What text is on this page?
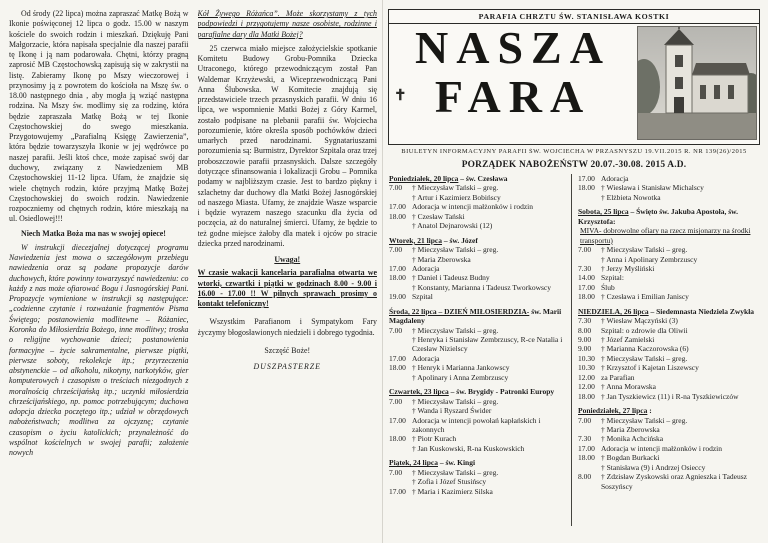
Od środy (22 lipca) można zapraszać Matkę Bożą w Ikonie poświęconej 12 lipca o godz. 15.00 w naszym kościele do swoich rodzin i mieszkań. Dziękuję Pani Małgorzacie, która napisała specjalnie dla naszej parafii tę Ikonę i ją nam podarowała. Chętni, którzy pragną zaprosić MB Częstochowską zapisują się w zakrystii na listę. Zabieramy Ikonę po Mszy wieczorowej i przynosimy ją z powrotem do kościoła na Mszę św. o 18.00 następnego dnia , aby mogła ją wziąć następna rodzina. Na Mszy św. modlimy się za rodzinę, która będzie zapraszała Matkę Bożą w tej Ikonie Częstochowskiej do swego mieszkania. Przygotowujemy „Parafialną Księgę Zawierzenia”, która będzie towarzyszyła Ikonie w jej wędrówce po naszej parafii. Jeśli ktoś chce, może zapisać swój dar duchowy, związany z Nawiedzeniem MB Częstochowskiej 11-12 lipca. Ufam, że znajdzie się wiele chętnych rodzin, które przyjmą Matkę Bożej Częstochowskiej do swoich rodzin. Nawiedzenie rozpoczniemy od chętnych rodzin, które mieszkają na ul. Osiedlowej!!!

Niech Matka Boża ma nas w swojej opiece!

W instrukcji diecezjalnej dotyczącej programu Nawiedzenia jest mowa o szczegółowym przebiegu nawiedzenia oraz są podane propozycje darów duchowych, które powinny towarzyszyć nawiedzeniu: co każdy z nas może ofiarować Bogu i Jasnogórskiej Pani. Propozycje wymienione w instrukcji są następujące: „codzienne czytanie i rozważanie fragmentów Pisma Świętego; postanowienia modlitewne – Różaniec, Koronka do Miłosierdzia Bożego, inne modlitwy; troska o religijne wychowanie dzieci; postanowienia formacyjne – życie sakramentalne, pierwsze piątki, pierwsze soboty, rekolekcje itp.; przyrzeczenia abstynenckie – od alkoholu, nikotyny, narkotyków, gier komputerowych i czasopism o treściach niezgodnych z moralnością chrześcijańską itp.; uczynki miłosierdzia chrześcijańskiego, np. pomoc potrzebującym; duchowa adopcja dziecka poczętego itp.; udział w obrzędowych nabożeństwach; modlitwa za ojczyznę; czytanie czasopism o życiu katolickich; przynależność do wspólnot kościelnych w swojej parafii; założenie nowych

Kół Żywego Różańca”. Może skorzystamy z tych podpowiedzi i przygotujemy nasze osobiste, rodzinne i parafialne dary dla Matki Bożej?

25 czerwca miało miejsce założycielskie spotkanie Komitetu Budowy Grobu-Pomnika Dziecka Utraconego, którego przewodniczącym został Pan Waldemar Krzyżewski, a Wiceprzewodniczącą Pani Anna Ślubowska. W Komitecie znajdują się przedstawiciele trzech przasnyskich parafii. W dniu 16 lipca, we wspomnienie Matki Bożej z Góry Karmel, zostało podpisane na plebanii parafii św. Wojciecha porozumienie, które określa sposób pochówków dzieci umarłych przed narodzinami. Sygnatariuszami porozumienia są: Burmistrz, Dyrektor Szpitala oraz trzej proboszczowie parafii przasnyskich. Dalsze szczegóły dotyczące sfinansowania i lokalizacji Grobu – Pomnika podamy w najbliższym czasie. Jest to bardzo piękny i szlachetny dar duchowy dla Matki Bożej Jasnogórskiej od naszego Miasta. Ufamy, że znajdzie Wasze wsparcie i będzie wyrazem naszego szacunku dla życia od poczęcia, aż do naturalnej śmierci. Ufamy, że będzie to też godne miejsce żałoby dla matek i ojców po stracie dziecka przed narodzinami.

Uwaga!

W czasie wakacji kancelaria parafialna otwarta we wtorki, czwartki i piątki w godzinach 8.00 - 9.00 i 16.00 - 17.00 !! W pilnych sprawach prosimy o kontakt telefoniczny!

Wszystkim Parafianom i Sympatykom Fary życzymy błogosławionych niedzieli i dobrego tygodnia.

Szczęść Boże!

DUSZPASTERZE

PARAFIA CHRZTU ŚW. STANISŁAWA KOSTKI
✝
NASZA
FARA
BIULETYN INFORMACYJNY PARAFII ŚW. WOJCIECHA W PRZASNYSZU 19.VII.2015 R. NR 139(26)/2015
PORZĄDEK NABOŻEŃSTW 20.07.-30.08. 2015 A.D.
Poniedziałek, 20 lipca – św. Czesława
7.00	† Mieczysław Tański – greg.
† Artur i Kazimierz Bobińscy
17.00 Adoracja w intencji małżonków i rodzin
18.00 † Czesław Tański
† Anatol Dejnarowski (12)
Wtorek, 21 lipca – św. Józef
7.00	† Mieczysław Tański – greg.
† Maria Zberowska
17.00 Adoracja
18.00 † Daniel i Tadeusz Budny
† Konstanty, Marianna i Tadeusz Tworkowscy
19.00 Szpital
Środa, 22 lipca – DZIEŃ MIŁOSIERDZIA- św. Marii Magdaleny
7.00	† Mieczysław Tański – greg.
† Henryka i Stanisław Zembrzuscy, R-ce Natalia i Czesław Nizielscy
17.00 Adoracja
18.00 † Henryk i Marianna Jankowscy
† Apolinary i Anna Zembrzuscy
Czwartek, 23 lipca – św. Brygidy - Patronki Europy
7.00	† Mieczysław Tański – greg.
† Wanda i Ryszard Świder
17.00 Adoracja w intencji powołań kapłańskich i zakonnych
18.00 † Piotr Kurach
† Jan Kuskowski, R-na Kuskowskich
Piątek, 24 lipca – św. Kingi
7.00	† Mieczysław Tański – greg.
† Zofia i Józef Stusińscy
17.00 † Maria i Kazimierz Silska
17.00 Adoracja
18.00 † Wiesława i Stanisław Michalscy
† Elżbieta Nowotka
Sobota, 25 lipca – Święto św. Jakuba Apostoła, św. Krzysztofa:
MIVA- dobrowolne ofiary na rzecz misjonarzy na środki transportu)
7.00	† Mieczysław Tański – greg.
† Anna i Apolinary Zembrzuscy
7.30	† Jerzy Myśliński
14.00 Szpital:
17.00 Ślub
18.00 † Czesława i Emilian Janiscy
NIEDZIELA, 26 lipca – Siedemnasta Niedziela Zwykła
7.30	† Wiesław Mączyński (3)
8.00	Szpital: o zdrowie dla Oliwii
9.00	† Józef Zamielski
9.00	† Marianna Kaczorowska (6)
10.30 † Mieczysław Tański – greg.
10.30 † Krzysztof i Kajetan Liszewscy
12.00 za Parafian
12.00 † Anna Morawska
18.00 † Jan Tyszkiewicz (11) i R-na Tyszkiewiczów
Poniedziałek, 27 lipca :
7.00	† Mieczysław Tański – greg.
† Maria Zberowska
7.30	† Monika Achcińska
17.00 Adoracja w intencji małżonków i rodzin
18.00 † Bogdan Burkacki
† Stanisława (9) i Andrzej Osieccy
8.00	† Zdzisław Zyskowski oraz Agnieszka i Tadeusz Soszyńscy
